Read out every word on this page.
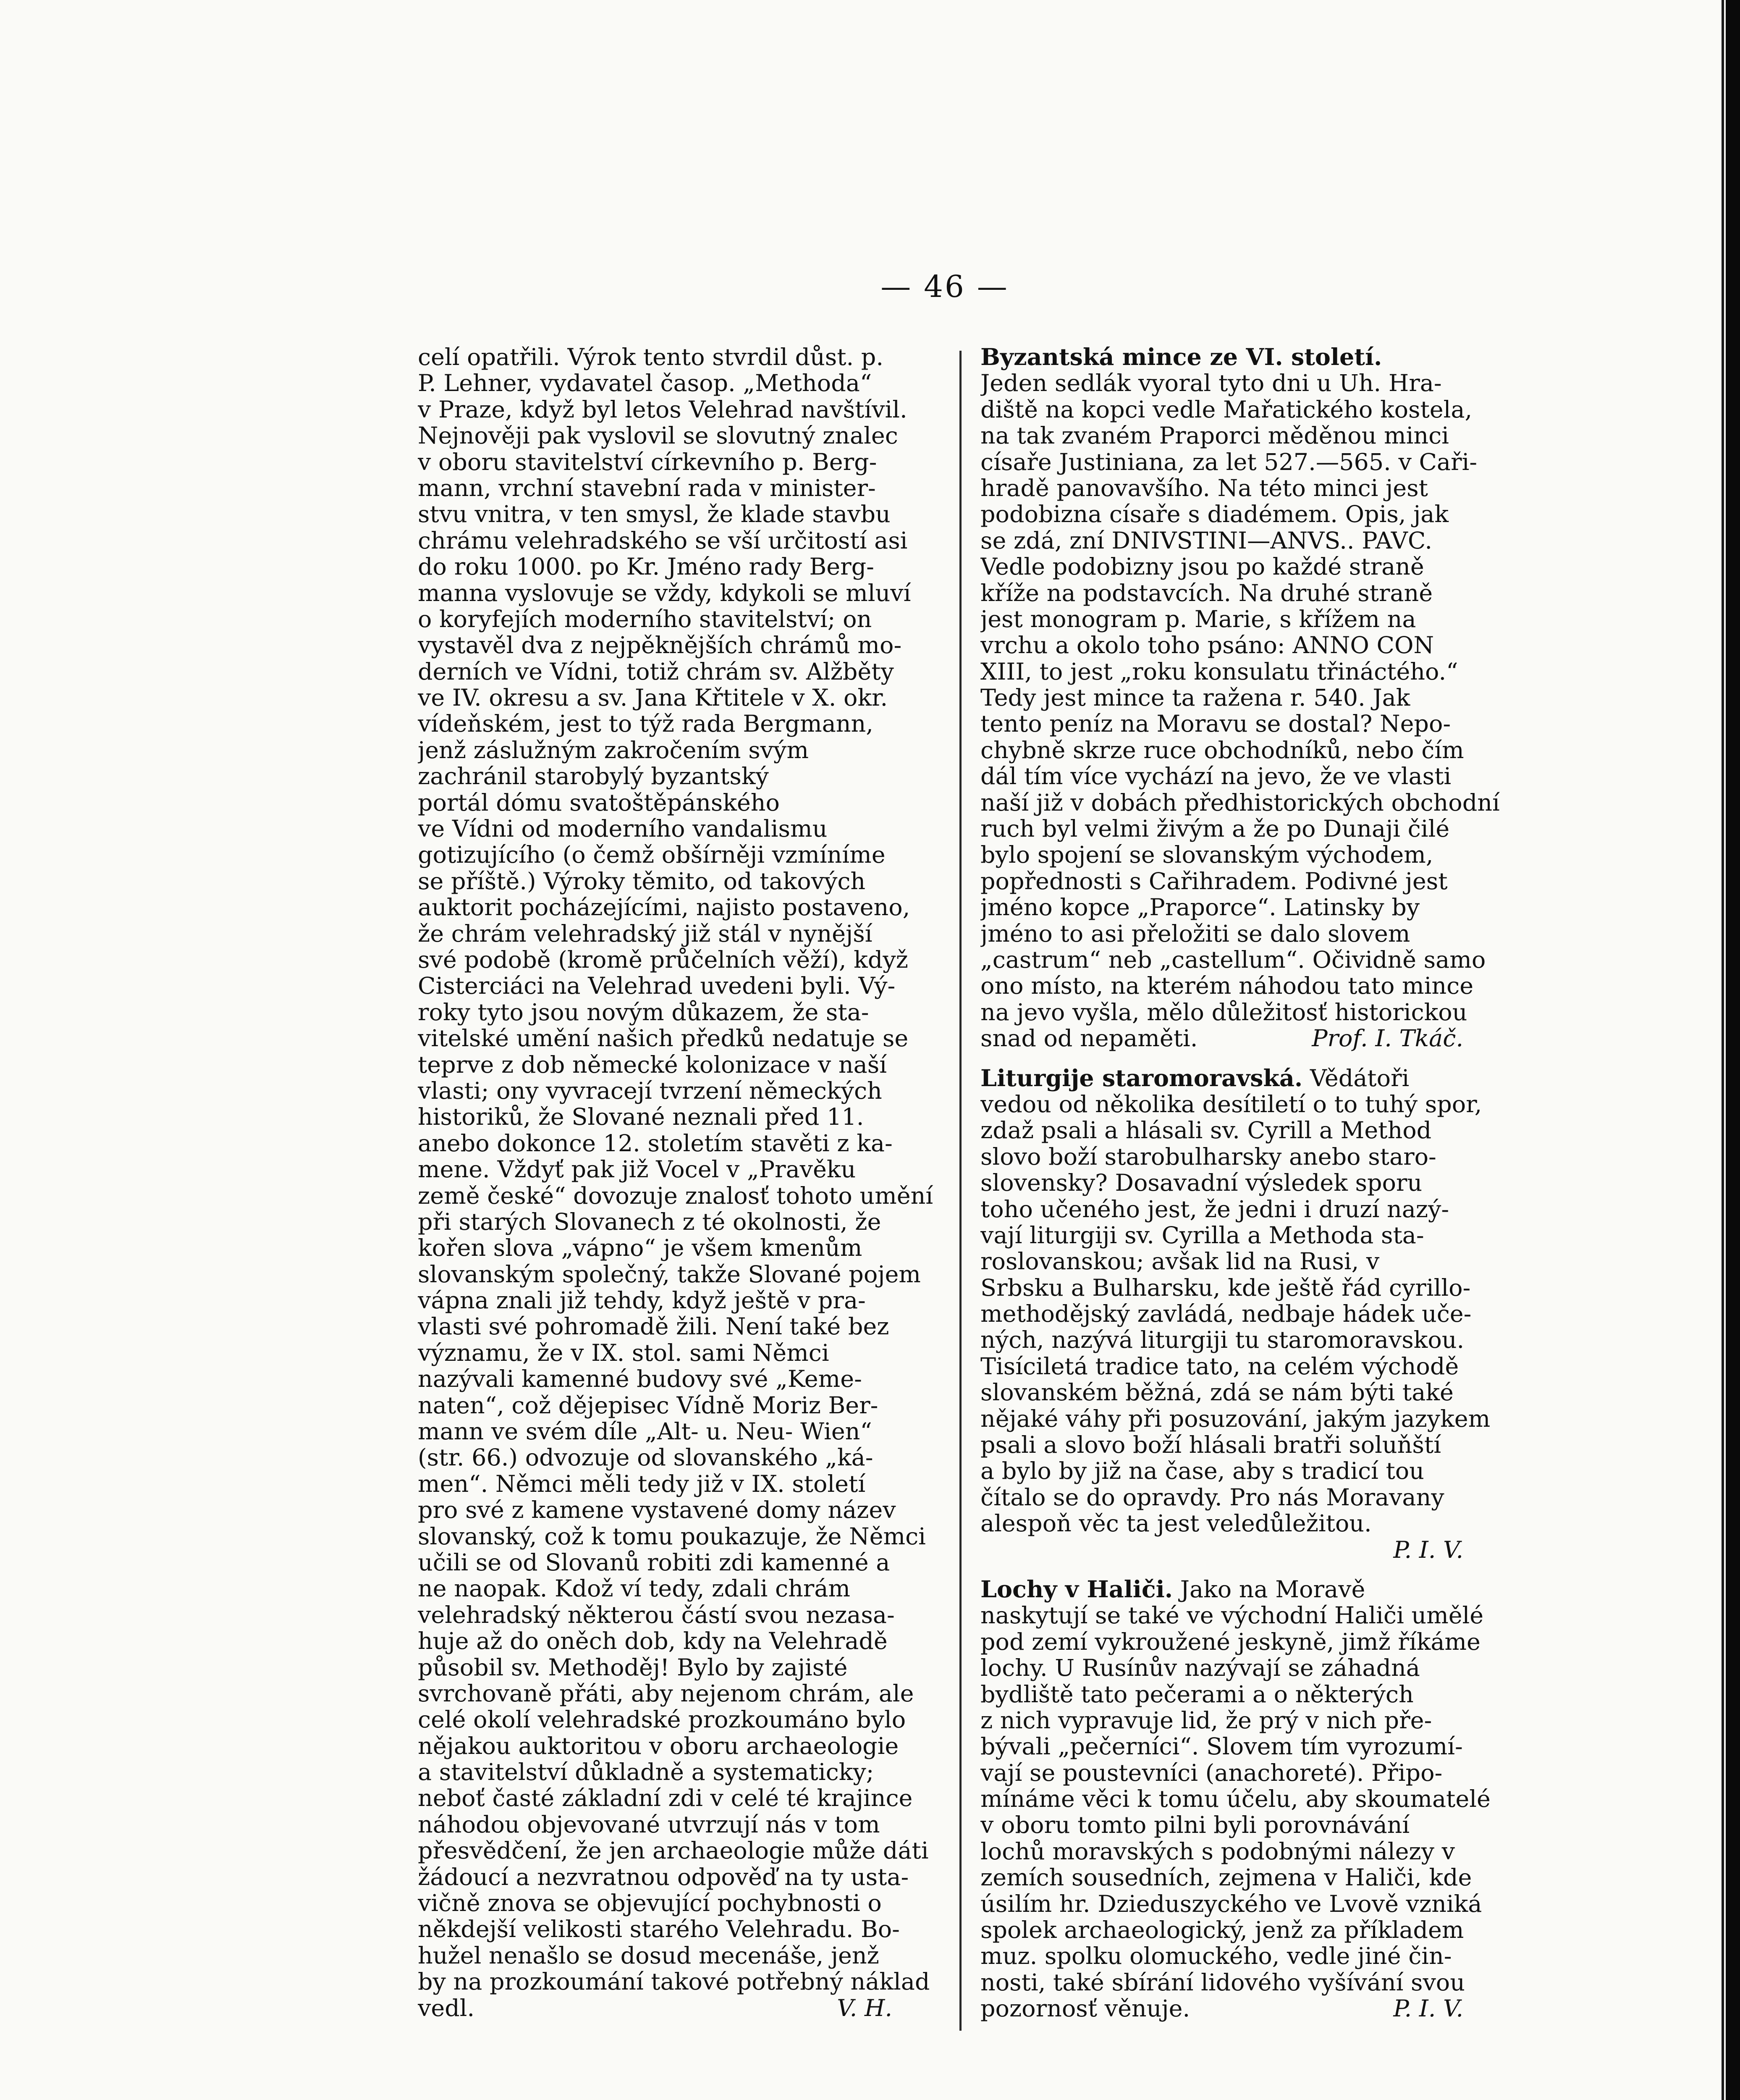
— 46 —
celí opatřili. Výrok tento stvrdil důst. p.
P. Lehner, vydavatel časop. „Methoda“
v Praze, když byl letos Velehrad navštívil.
Nejnověji pak vyslovil se slovutný znalec
v oboru stavitelství církevního p. Berg-
mann, vrchní stavební rada v minister-
stvu vnitra, v ten smysl, že klade stavbu
chrámu velehradského se vší určitostí asi
do roku 1000. po Kr. Jméno rady Berg-
manna vyslovuje se vždy, kdykoli se mluví
o koryfejích moderního stavitelství; on
vystavěl dva z nejpěknějších chrámů mo-
derních ve Vídni, totiž chrám sv. Alžběty
ve IV. okresu a sv. Jana Křtitele v X. okr.
vídeňském, jest to týž rada Bergmann,
jenž záslužným zakročením svým
zachránil starobylý byzantský
portál dómu svatoštěpánského
ve Vídni od moderního vandalismu
gotizujícího (o čemž obšírněji vzmíníme
se příště.) Výroky těmito, od takových
auktorit pocházejícími, najisto postaveno,
že chrám velehradský již stál v nynější
své podobě (kromě průčelních věží), když
Cisterciáci na Velehrad uvedeni byli. Vý-
roky tyto jsou novým důkazem, že sta-
vitelské umění našich předků nedatuje se
teprve z dob německé kolonizace v naší
vlasti; ony vyvracejí tvrzení německých
historiků, že Slované neznali před 11.
anebo dokonce 12. stoletím stavěti z ka-
mene. Vždyť pak již Vocel v „Pravěku
země české“ dovozuje znalosť tohoto umění
při starých Slovanech z té okolnosti, že
kořen slova „vápno“ je všem kmenům
slovanským společný, takže Slované pojem
vápna znali již tehdy, když ještě v pra-
vlasti své pohromadě žili. Není také bez
významu, že v IX. stol. sami Němci
nazývali kamenné budovy své „Keme-
naten“, což dějepisec Vídně Moriz Ber-
mann ve svém díle „Alt- u. Neu- Wien“
(str. 66.) odvozuje od slovanského „ká-
men“. Němci měli tedy již v IX. století
pro své z kamene vystavené domy název
slovanský, což k tomu poukazuje, že Němci
učili se od Slovanů robiti zdi kamenné a
ne naopak. Kdož ví tedy, zdali chrám
velehradský některou částí svou nezasa-
huje až do oněch dob, kdy na Velehradě
působil sv. Methoděj! Bylo by zajisté
svrchovaně přáti, aby nejenom chrám, ale
celé okolí velehradské prozkoumáno bylo
nějakou auktoritou v oboru archaeologie
a stavitelství důkladně a systematicky;
neboť časté základní zdi v celé té krajince
náhodou objevované utvrzují nás v tom
přesvědčení, že jen archaeologie může dáti
žádoucí a nezvratnou odpověď na ty usta-
vičně znova se objevující pochybnosti o
někdejší velikosti starého Velehradu. Bo-
hužel nenašlo se dosud mecenáše, jenž
by na prozkoumání takové potřebný náklad
vedl.	V. H.
Byzantská mince ze VI. století.
Jeden sedlák vyoral tyto dni u Uh. Hra-
diště na kopci vedle Mařatického kostela,
na tak zvaném Praporci měděnou minci
císaře Justiniana, za let 527.—565. v Caři-
hradě panovavšího. Na této minci jest
podobizna císaře s diadémem. Opis, jak
se zdá, zní DNIVSTINI—ANVS.. PAVC.
Vedle podobizny jsou po každé straně
kříže na podstavcích. Na druhé straně
jest monogram p. Marie, s křížem na
vrchu a okolo toho psáno: ANNO CON
XIII, to jest „roku konsulatu třináctého.“
Tedy jest mince ta ražena r. 540. Jak
tento peníz na Moravu se dostal? Nepo-
chybně skrze ruce obchodníků, nebo čím
dál tím více vychází na jevo, že ve vlasti
naší již v dobách předhistorických obchodní
ruch byl velmi živým a že po Dunaji čilé
bylo spojení se slovanským východem,
popřednosti s Cařihradem. Podivné jest
jméno kopce „Praporce“. Latinsky by
jméno to asi přeložiti se dalo slovem
„castrum“ neb „castellum“. Očividně samo
ono místo, na kterém náhodou tato mince
na jevo vyšla, mělo důležitosť historickou
snad od nepaměti.	Prof. I. Tkáč.
Liturgije staromoravská. Vědátoři
vedou od několika desítiletí o to tuhý spor,
zdaž psali a hlásali sv. Cyrill a Method
slovo boží starobulharsky anebo staro-
slovensky? Dosavadní výsledek sporu
toho učeného jest, že jedni i druzí nazý-
vají liturgiji sv. Cyrilla a Methoda sta-
roslovanskou; avšak lid na Rusi, v
Srbsku a Bulharsku, kde ještě řád cyrillo-
methodějský zavládá, nedbaje hádek uče-
ných, nazývá liturgiji tu staromoravskou.
Tisíciletá tradice tato, na celém východě
slovanském běžná, zdá se nám býti také
nějaké váhy při posuzování, jakým jazykem
psali a slovo boží hlásali bratři soluňští
a bylo by již na čase, aby s tradicí tou
čítalo se do opravdy. Pro nás Moravany
alespoň věc ta jest veledůležitou.
P. I. V.
Lochy v Haliči. Jako na Moravě
naskytují se také ve východní Haliči umělé
pod zemí vykroužené jeskyně, jimž říkáme
lochy. U Rusínův nazývají se záhadná
bydliště tato pečerami a o některých
z nich vypravuje lid, že prý v nich pře-
bývali „pečerníci“. Slovem tím vyrozumí-
vají se poustevníci (anachoreté). Připo-
mínáme věci k tomu účelu, aby skoumatelé
v oboru tomto pilni byli porovnávání
lochů moravských s podobnými nálezy v
zemích sousedních, zejmena v Haliči, kde
úsilím hr. Dzieduszyckého ve Lvově vzniká
spolek archaeologický, jenž za příkladem
muz. spolku olomuckého, vedle jiné čin-
nosti, také sbírání lidového vyšívání svou
pozornosť věnuje.	P. I. V.
